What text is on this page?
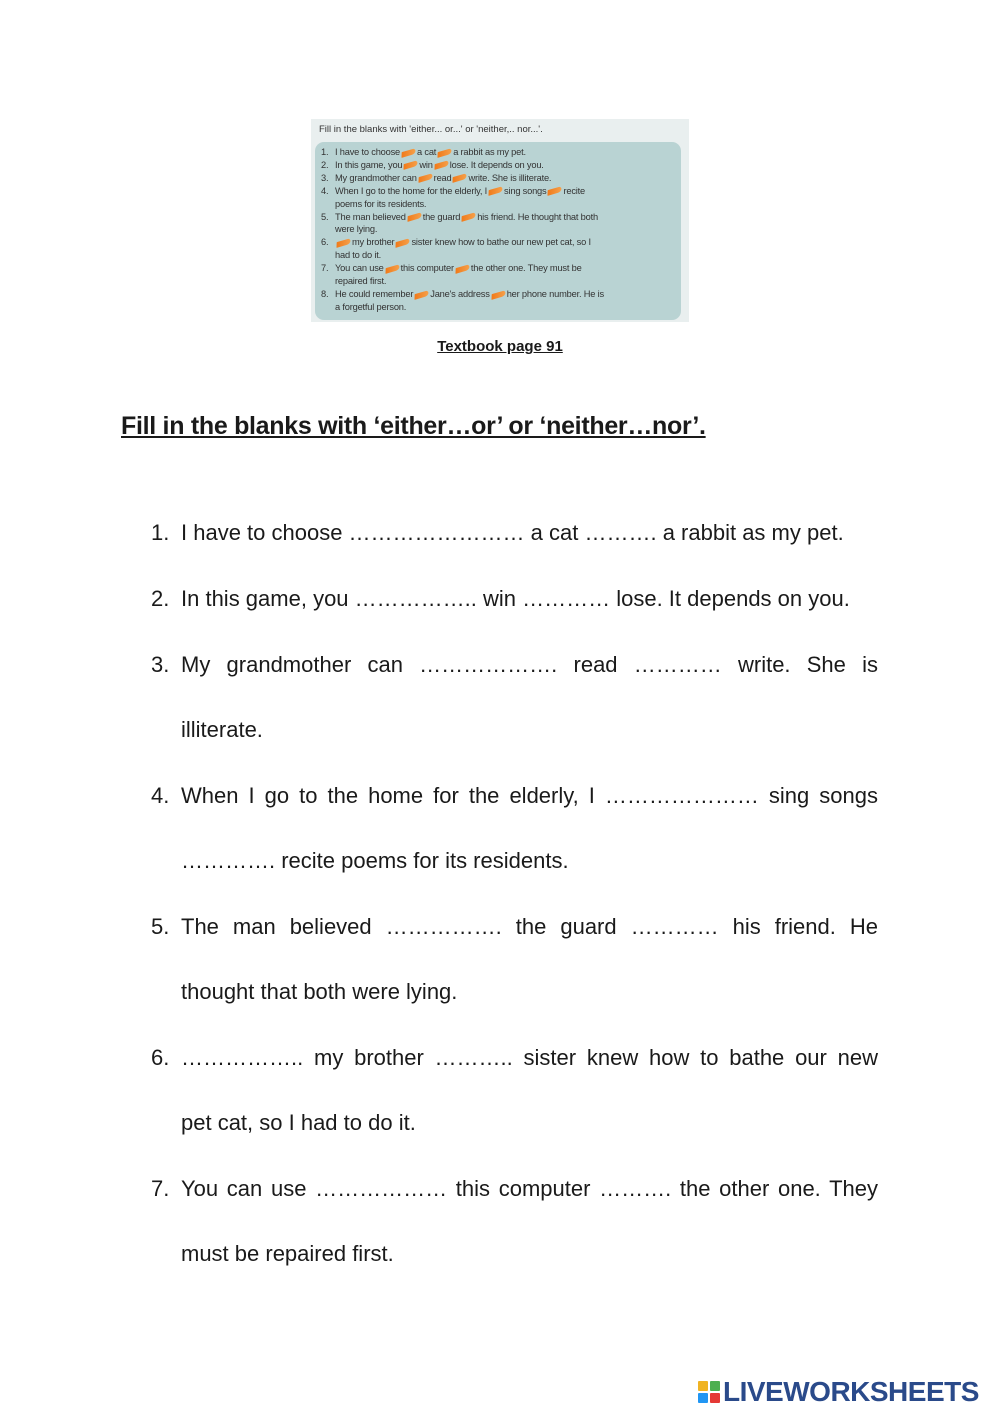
Fill in the blanks with 'either... or...' or 'neither,.. nor...'.
1. I have to choose a cat a rabbit as my pet.
2. In this game, you win lose. It depends on you.
3. My grandmother can read write. She is illiterate.
4. When I go to the home for the elderly, I sing songs recite
poems for its residents.
5. The man believed the guard his friend. He thought that both
were lying.
6.	my brother sister knew how to bathe our new pet cat, so I
had to do it.
7. You can use this computer the other one. They must be
repaired first.
8. He could remember Jane's address her phone number. He is
a forgetful person.
Textbook page 91
Fill in the blanks with ‘either…or’ or ‘neither…nor’.
1. I have to choose …………………… a cat ………. a rabbit as my pet.
2. In this game, you …………….. win ………… lose. It depends on you.
3. My grandmother can ………………. read ………… write. She is
illiterate.
4. When I go to the home for the elderly, I ………………… sing songs
…………. recite poems for its residents.
5. The man believed ……………. the guard ………… his friend. He
thought that both were lying.
6. …………….. my brother ……….. sister knew how to bathe our new
pet cat, so I had to do it.
7. You can use ……………… this computer ………. the other one. They
must be repaired first.
LIVEWORKSHEETS
